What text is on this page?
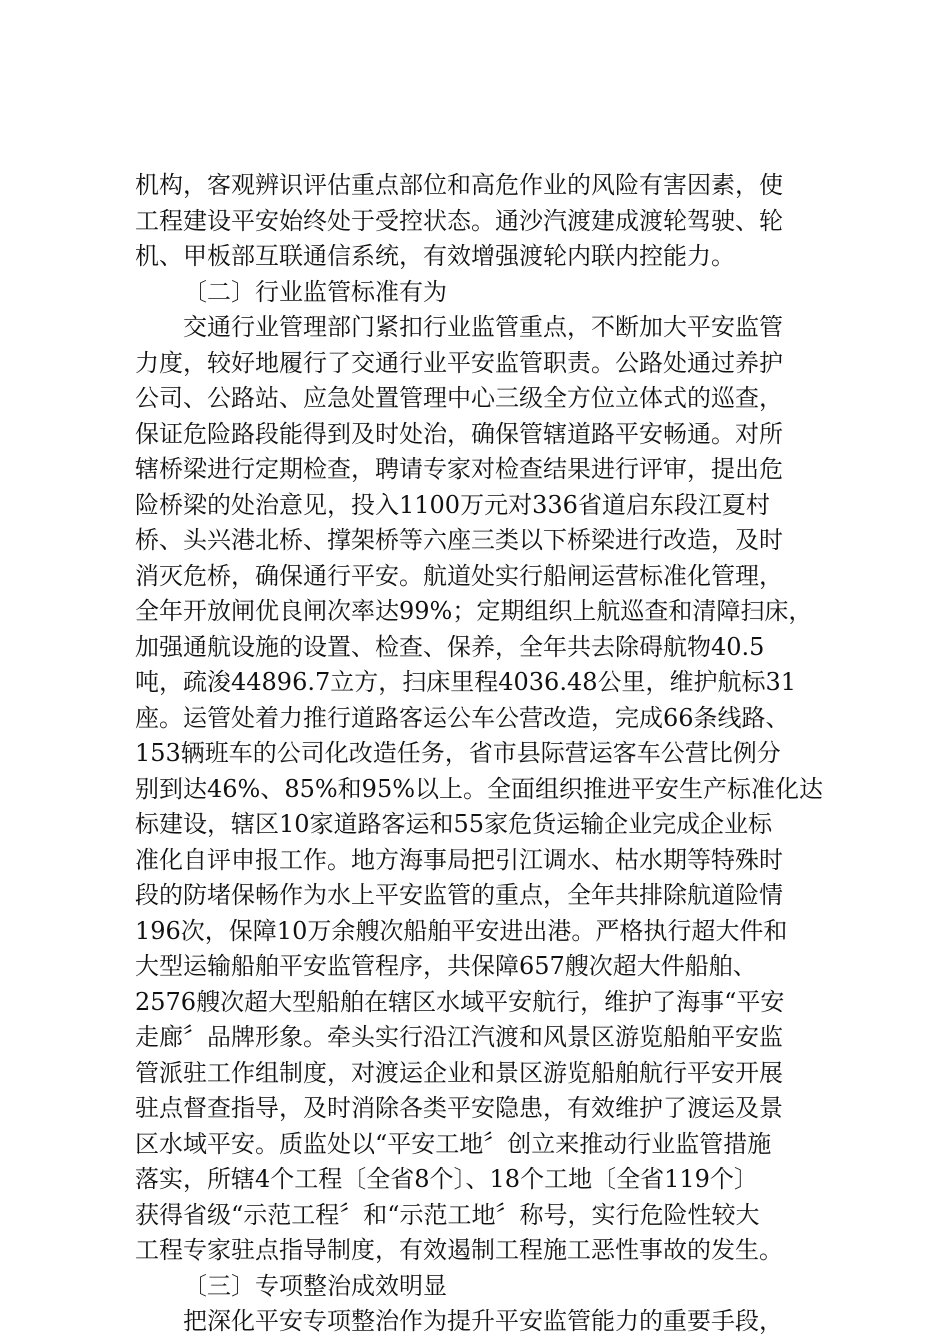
机构，客观辨识评估重点部位和高危作业的风险有害因素，使
工程建设平安始终处于受控状态。通沙汽渡建成渡轮驾驶、轮
机、甲板部互联通信系统，有效增强渡轮内联内控能力。
〔二〕行业监管标准有为
交通行业管理部门紧扣行业监管重点，不断加大平安监管
力度，较好地履行了交通行业平安监管职责。公路处通过养护
公司、公路站、应急处置管理中心三级全方位立体式的巡查，
保证危险路段能得到及时处治，确保管辖道路平安畅通。对所
辖桥梁进行定期检查，聘请专家对检查结果进行评审，提出危
险桥梁的处治意见，投入1100万元对336省道启东段江夏村
桥、头兴港北桥、撑架桥等六座三类以下桥梁进行改造，及时
消灭危桥，确保通行平安。航道处实行船闸运营标准化管理，
全年开放闸优良闸次率达99%；定期组织上航巡查和清障扫床，
加强通航设施的设置、检查、保养，全年共去除碍航物40.5
吨，疏浚44896.7立方，扫床里程4036.48公里，维护航标31
座。运管处着力推行道路客运公车公营改造，完成66条线路、
153辆班车的公司化改造任务，省市县际营运客车公营比例分
别到达46%、85%和95%以上。全面组织推进平安生产标准化达
标建设，辖区10家道路客运和55家危货运输企业完成企业标
准化自评申报工作。地方海事局把引江调水、枯水期等特殊时
段的防堵保畅作为水上平安监管的重点，全年共排除航道险情
196次，保障10万余艘次船舶平安进出港。严格执行超大件和
大型运输船舶平安监管程序，共保障657艘次超大件船舶、
2576艘次超大型船舶在辖区水域平安航行，维护了海事“平安
走廊〞品牌形象。牵头实行沿江汽渡和风景区游览船舶平安监
管派驻工作组制度，对渡运企业和景区游览船舶航行平安开展
驻点督查指导，及时消除各类平安隐患，有效维护了渡运及景
区水域平安。质监处以“平安工地〞创立来推动行业监管措施
落实，所辖4个工程〔全省8个〕、18个工地〔全省119个〕
获得省级“示范工程〞和“示范工地〞称号，实行危险性较大
工程专家驻点指导制度，有效遏制工程施工恶性事故的发生。
〔三〕专项整治成效明显
把深化平安专项整治作为提升平安监管能力的重要手段，
